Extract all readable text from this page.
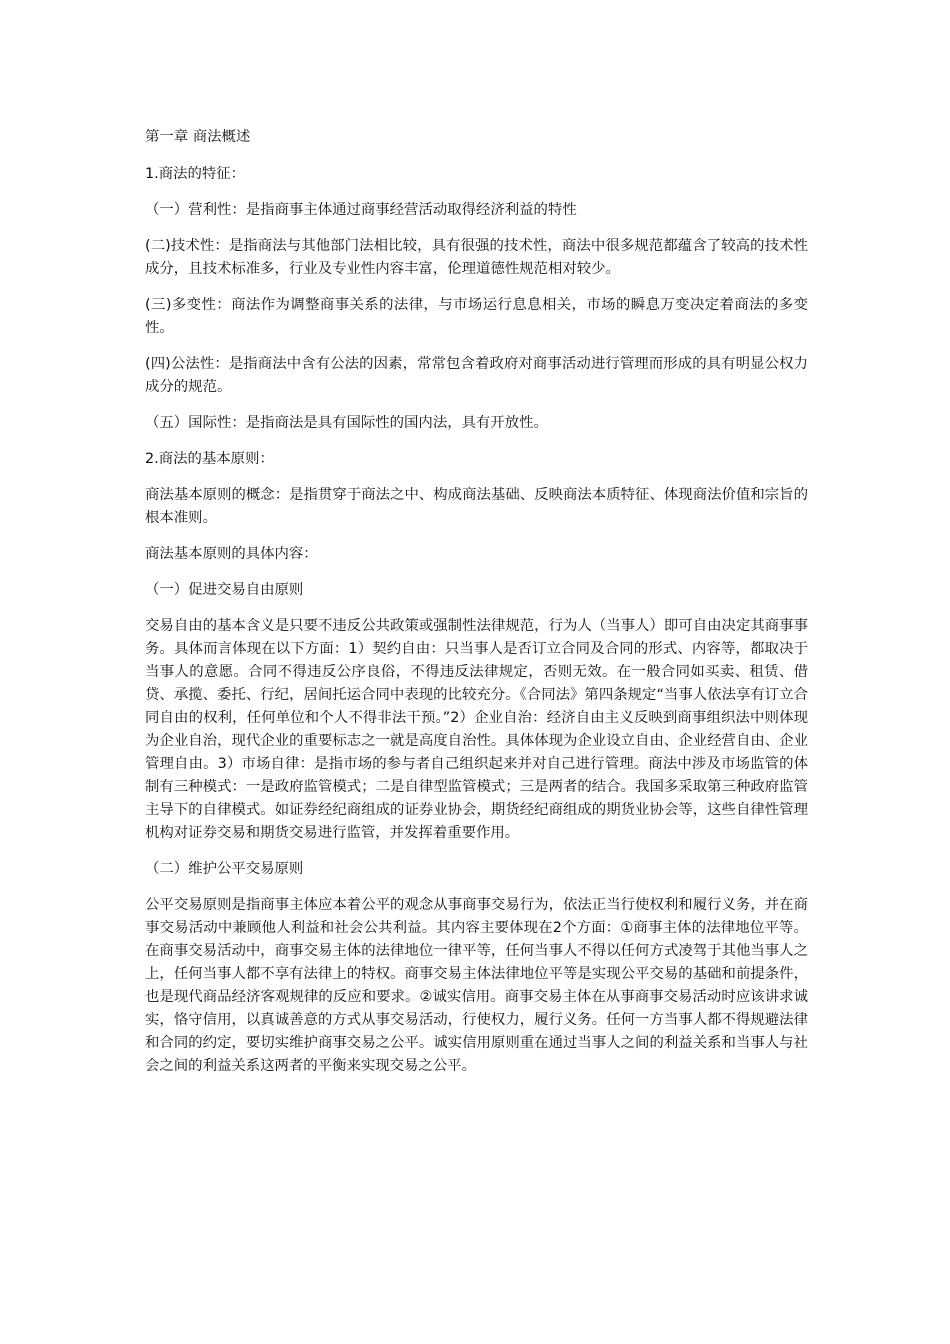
第一章 商法概述

1.商法的特征：

（一）营利性：是指商事主体通过商事经营活动取得经济利益的特性

(二)技术性：是指商法与其他部门法相比较，具有很强的技术性，商法中很多规范都蕴含了较高的技术性成分，且技术标准多，行业及专业性内容丰富，伦理道德性规范相对较少。

(三)多变性：商法作为调整商事关系的法律，与市场运行息息相关，市场的瞬息万变决定着商法的多变性。

(四)公法性：是指商法中含有公法的因素，常常包含着政府对商事活动进行管理而形成的具有明显公权力成分的规范。

（五）国际性：是指商法是具有国际性的国内法，具有开放性。

2.商法的基本原则：

商法基本原则的概念：是指贯穿于商法之中、构成商法基础、反映商法本质特征、体现商法价值和宗旨的根本准则。

商法基本原则的具体内容：

（一）促进交易自由原则

交易自由的基本含义是只要不违反公共政策或强制性法律规范，行为人（当事人）即可自由决定其商事事务。具体而言体现在以下方面：1）契约自由：只当事人是否订立合同及合同的形式、内容等，都取决于当事人的意愿。合同不得违反公序良俗，不得违反法律规定，否则无效。在一般合同如买卖、租赁、借贷、承揽、委托、行纪，居间托运合同中表现的比较充分。《合同法》第四条规定“当事人依法享有订立合同自由的权利，任何单位和个人不得非法干预。”2）企业自治：经济自由主义反映到商事组织法中则体现为企业自治，现代企业的重要标志之一就是高度自治性。具体体现为企业设立自由、企业经营自由、企业管理自由。3）市场自律：是指市场的参与者自己组织起来并对自己进行管理。商法中涉及市场监管的体制有三种模式：一是政府监管模式；二是自律型监管模式；三是两者的结合。我国多采取第三种政府监管主导下的自律模式。如证券经纪商组成的证券业协会，期货经纪商组成的期货业协会等，这些自律性管理机构对证券交易和期货交易进行监管，并发挥着重要作用。

（二）维护公平交易原则

公平交易原则是指商事主体应本着公平的观念从事商事交易行为，依法正当行使权利和履行义务，并在商事交易活动中兼顾他人利益和社会公共利益。其内容主要体现在2个方面：①商事主体的法律地位平等。在商事交易活动中，商事交易主体的法律地位一律平等，任何当事人不得以任何方式凌驾于其他当事人之上，任何当事人都不享有法律上的特权。商事交易主体法律地位平等是实现公平交易的基础和前提条件，也是现代商品经济客观规律的反应和要求。②诚实信用。商事交易主体在从事商事交易活动时应该讲求诚实，恪守信用，以真诚善意的方式从事交易活动，行使权力，履行义务。任何一方当事人都不得规避法律和合同的约定，要切实维护商事交易之公平。诚实信用原则重在通过当事人之间的利益关系和当事人与社会之间的利益关系这两者的平衡来实现交易之公平。
